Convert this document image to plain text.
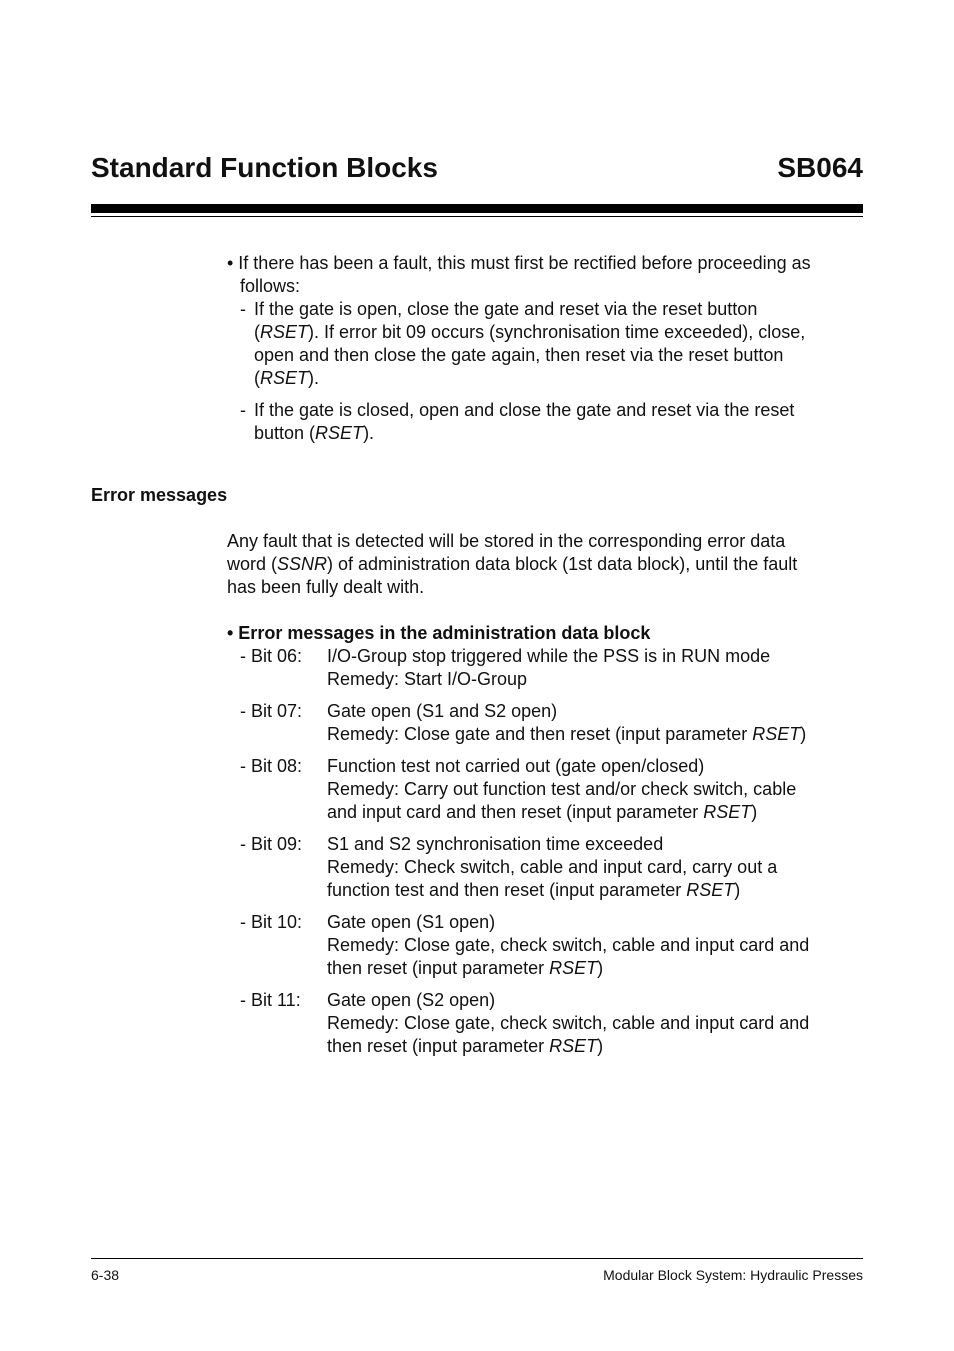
Standard Function Blocks	SB064
• If there has been a fault, this must first be rectified before proceeding as
follows:
- If the gate is open, close the gate and reset via the reset button
(RSET). If error bit 09 occurs (synchronisation time exceeded), close,
open and then close the gate again, then reset via the reset button
(RSET).
- If the gate is closed, open and close the gate and reset via the reset
button (RSET).
Error messages
Any fault that is detected will be stored in the corresponding error data
word (SSNR) of administration data block (1st data block), until the fault
has been fully dealt with.
• Error messages in the administration data block
- Bit 06: I/O-Group stop triggered while the PSS is in RUN mode
Remedy: Start I/O-Group
- Bit 07: Gate open (S1 and S2 open)
Remedy: Close gate and then reset (input parameter RSET)
- Bit 08: Function test not carried out (gate open/closed)
Remedy: Carry out function test and/or check switch, cable
and input card and then reset (input parameter RSET)
- Bit 09: S1 and S2 synchronisation time exceeded
Remedy: Check switch, cable and input card, carry out a
function test and then reset (input parameter RSET)
- Bit 10: Gate open (S1 open)
Remedy: Close gate, check switch, cable and input card and
then reset (input parameter RSET)
- Bit 11: Gate open (S2 open)
Remedy: Close gate, check switch, cable and input card and
then reset (input parameter RSET)
6-38	Modular Block System: Hydraulic Presses
